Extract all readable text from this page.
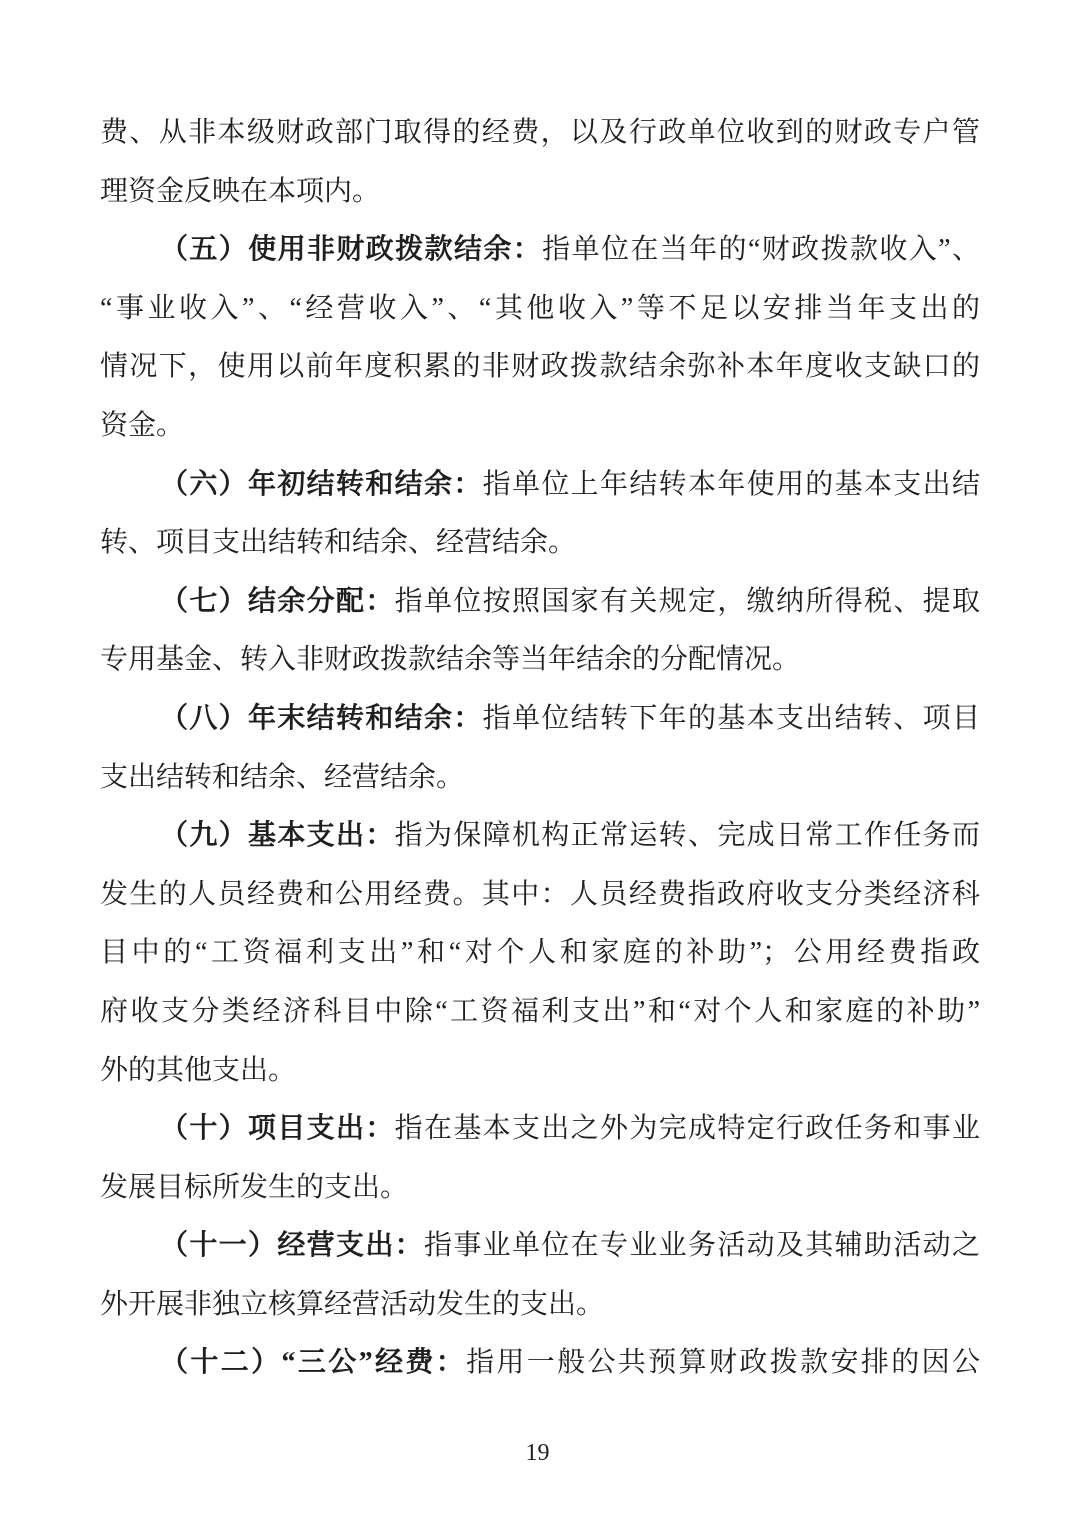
费、从非本级财政部门取得的经费，以及行政单位收到的财政专户管
理资金反映在本项内。
（五）使用非财政拨款结余：指单位在当年的“财政拨款收入”、
“事业收入”、“经营收入”、“其他收入”等不足以安排当年支出的
情况下，使用以前年度积累的非财政拨款结余弥补本年度收支缺口的
资金。
（六）年初结转和结余：指单位上年结转本年使用的基本支出结
转、项目支出结转和结余、经营结余。
（七）结余分配：指单位按照国家有关规定，缴纳所得税、提取
专用基金、转入非财政拨款结余等当年结余的分配情况。
（八）年末结转和结余：指单位结转下年的基本支出结转、项目
支出结转和结余、经营结余。
（九）基本支出：指为保障机构正常运转、完成日常工作任务而
发生的人员经费和公用经费。其中：人员经费指政府收支分类经济科
目中的“工资福利支出”和“对个人和家庭的补助”；公用经费指政
府收支分类经济科目中除“工资福利支出”和“对个人和家庭的补助”
外的其他支出。
（十）项目支出：指在基本支出之外为完成特定行政任务和事业
发展目标所发生的支出。
（十一）经营支出：指事业单位在专业业务活动及其辅助活动之
外开展非独立核算经营活动发生的支出。
（十二）“三公”经费：指用一般公共预算财政拨款安排的因公
19
